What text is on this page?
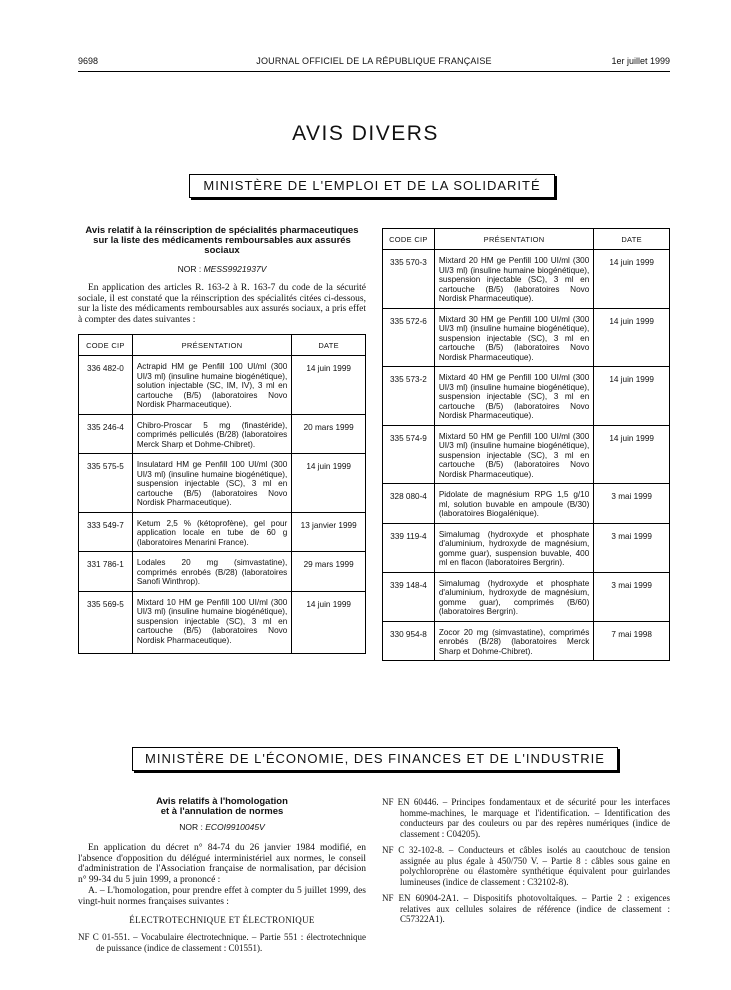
9698	JOURNAL OFFICIEL DE LA RÉPUBLIQUE FRANÇAISE	1er juillet 1999
AVIS DIVERS
MINISTÈRE DE L'EMPLOI ET DE LA SOLIDARITÉ
Avis relatif à la réinscription de spécialités pharmaceutiques sur la liste des médicaments remboursables aux assurés sociaux
NOR : MESS9921937V

En application des articles R. 163-2 à R. 163-7 du code de la sécurité sociale, il est constaté que la réinscription des spécialités citées ci-dessous, sur la liste des médicaments remboursables aux assurés sociaux, a pris effet à compter des dates suivantes :

CODE CIP	PRÉSENTATION	DATE
336 482-0	Actrapid HM ge Penfill 100 UI/ml (300 UI/3 ml) (insuline humaine biogénétique), solution injectable (SC, IM, IV), 3 ml en cartouche (B/5) (laboratoires Novo Nordisk Pharmaceutique).	14 juin 1999
335 246-4	Chibro-Proscar 5 mg (finastéride), comprimés pelliculés (B/28) (laboratoires Merck Sharp et Dohme-Chibret).	20 mars 1999
335 575-5	Insulatard HM ge Penfill 100 UI/ml (300 UI/3 ml) (insuline humaine biogénétique), suspension injectable (SC), 3 ml en cartouche (B/5) (laboratoires Novo Nordisk Pharmaceutique).	14 juin 1999
333 549-7	Ketum 2,5 % (kétoprofène), gel pour application locale en tube de 60 g (laboratoires Menarini France).	13 janvier 1999
331 786-1	Lodales 20 mg (simvastatine), comprimés enrobés (B/28) (laboratoires Sanofi Winthrop).	29 mars 1999
335 569-5	Mixtard 10 HM ge Penfill 100 UI/ml (300 UI/3 ml) (insuline humaine biogénétique), suspension injectable (SC), 3 ml en cartouche (B/5) (laboratoires Novo Nordisk Pharmaceutique).	14 juin 1999

CODE CIP	PRÉSENTATION	DATE
335 570-3	Mixtard 20 HM ge Penfill 100 UI/ml (300 UI/3 ml) (insuline humaine biogénétique), suspension injectable (SC), 3 ml en cartouche (B/5) (laboratoires Novo Nordisk Pharmaceutique).	14 juin 1999
335 572-6	Mixtard 30 HM ge Penfill 100 UI/ml (300 UI/3 ml) (insuline humaine biogénétique), suspension injectable (SC), 3 ml en cartouche (B/5) (laboratoires Novo Nordisk Pharmaceutique).	14 juin 1999
335 573-2	Mixtard 40 HM ge Penfill 100 UI/ml (300 UI/3 ml) (insuline humaine biogénétique), suspension injectable (SC), 3 ml en cartouche (B/5) (laboratoires Novo Nordisk Pharmaceutique).	14 juin 1999
335 574-9	Mixtard 50 HM ge Penfill 100 UI/ml (300 UI/3 ml) (insuline humaine biogénétique), suspension injectable (SC), 3 ml en cartouche (B/5) (laboratoires Novo Nordisk Pharmaceutique).	14 juin 1999
328 080-4	Pidolate de magnésium RPG 1,5 g/10 ml, solution buvable en ampoule (B/30) (laboratoires Biogalénique).	3 mai 1999
339 119-4	Simalumag (hydroxyde et phosphate d'aluminium, hydroxyde de magnésium, gomme guar), suspension buvable, 400 ml en flacon (laboratoires Bergrin).	3 mai 1999
339 148-4	Simalumag (hydroxyde et phosphate d'aluminium, hydroxyde de magnésium, gomme guar), comprimés (B/60) (laboratoires Bergrin).	3 mai 1999
330 954-8	Zocor 20 mg (simvastatine), comprimés enrobés (B/28) (laboratoires Merck Sharp et Dohme-Chibret).	7 mai 1998
MINISTÈRE DE L'ÉCONOMIE, DES FINANCES ET DE L'INDUSTRIE
Avis relatifs à l'homologation
et à l'annulation de normes
NOR : ECOI9910045V

En application du décret n° 84-74 du 26 janvier 1984 modifié, en l'absence d'opposition du délégué interministériel aux normes, le conseil d'administration de l'Association française de normalisation, par décision n° 99-34 du 5 juin 1999, a prononcé :

A. – L'homologation, pour prendre effet à compter du 5 juillet 1999, des vingt-huit normes françaises suivantes :

ÉLECTROTECHNIQUE ET ÉLECTRONIQUE

NF C 01-551. – Vocabulaire électrotechnique. – Partie 551 : électrotechnique de puissance (indice de classement : C01551).

NF EN 60446. – Principes fondamentaux et de sécurité pour les interfaces homme-machines, le marquage et l'identification. – Identification des conducteurs par des couleurs ou par des repères numériques (indice de classement : C04205).

NF C 32-102-8. – Conducteurs et câbles isolés au caoutchouc de tension assignée au plus égale à 450/750 V. – Partie 8 : câbles sous gaine en polychloroprène ou élastomère synthétique équivalent pour guirlandes lumineuses (indice de classement : C32102-8).

NF EN 60904-2A1. – Dispositifs photovoltaïques. – Partie 2 : exigences relatives aux cellules solaires de référence (indice de classement : C57322A1).
